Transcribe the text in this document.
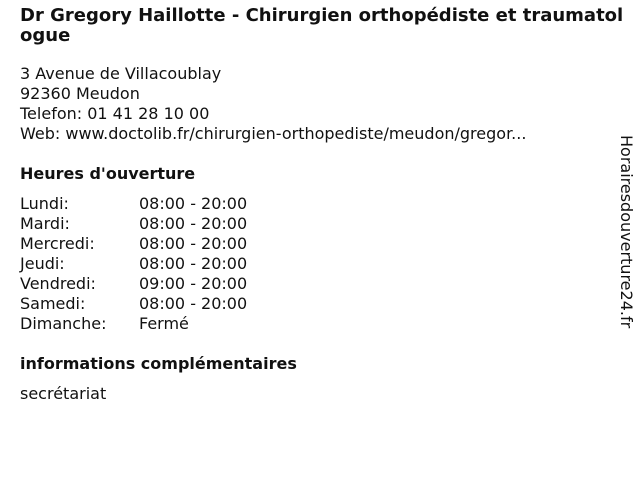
Dr Gregory Haillotte - Chirurgien orthopédiste et traumatologue
3 Avenue de Villacoublay
92360 Meudon
Telefon: 01 41 28 10 00
Web: www.doctolib.fr/chirurgien-orthopediste/meudon/gregor...
Heures d'ouverture
Lundi:	08:00 - 20:00
Mardi:	08:00 - 20:00
Mercredi:	08:00 - 20:00
Jeudi:	08:00 - 20:00
Vendredi:	09:00 - 20:00
Samedi:	08:00 - 20:00
Dimanche:	Fermé
informations complémentaires
secrétariat
Horairesdouverture24.fr
